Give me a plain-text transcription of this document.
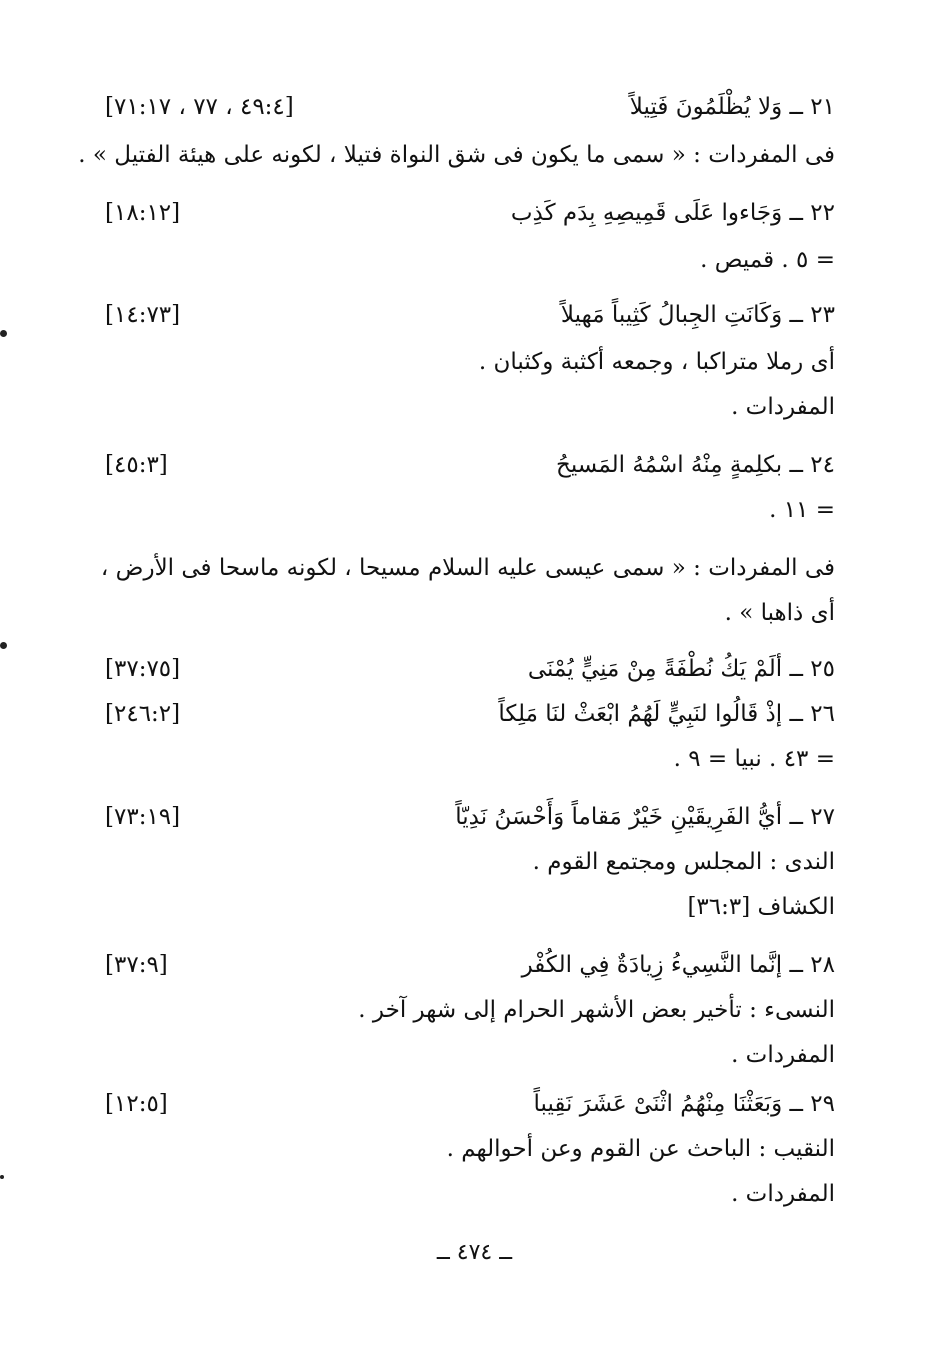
٢١ ــ وَلا يُظْلَمُونَ فَتِيلاً
[٤٩:٤ ، ٧٧ ، ٧١:١٧]
فى المفردات : « سمى ما يكون فى شق النواة فتيلا ، لكونه على هيئة الفتيل » .
٢٢ ــ وَجَاءوا عَلَى قَمِيصِهِ بِدَم كَذِب
[١٨:١٢]
= ٥ . قميص .
٢٣ ــ وَكَانَتِ الجِبالُ كَثِيباً مَهيلاً
[١٤:٧٣]
أى رملا متراكبا ، وجمعه أكثبة وكثبان .
المفردات .
٢٤ ــ بكلِمةٍ مِنْهُ اسْمُهُ المَسيحُ
[٤٥:٣]
= ١١ .
فى المفردات : « سمى عيسى عليه السلام مسيحا ، لكونه ماسحا فى الأرض ،
أى ذاهبا » .
٢٥ ــ ألَمْ يَكُ نُطْفَةً مِنْ مَنِيٍّ يُمْنَى
[٣٧:٧٥]
٢٦ ــ إذْ قَالُوا لنَبِيٍّ لَهُمُ ابْعَثْ لنَا مَلِكاً
[٢٤٦:٢]
= ٤٣ . نبيا = ٩ .
٢٧ ــ أيُّ الفَرِيقَيْنِ خَيْرٌ مَقاماً وَأَحْسَنُ نَدِيّاً
[٧٣:١٩]
الندى : المجلس ومجتمع القوم .
الكشاف [٣٦:٣]
٢٨ ــ إنَّما النَّسِيءُ زِيادَةٌ فِي الكُفْر
[٣٧:٩]
النسىء : تأخير بعض الأشهر الحرام إلى شهر آخر .
المفردات .
٢٩ ــ وَبَعَثْنَا مِنْهُمُ اثْنَىْ عَشَرَ نَقِيباً
[١٢:٥]
النقيب : الباحث عن القوم وعن أحوالهم .
المفردات .
ــ ٤٧٤ ــ
